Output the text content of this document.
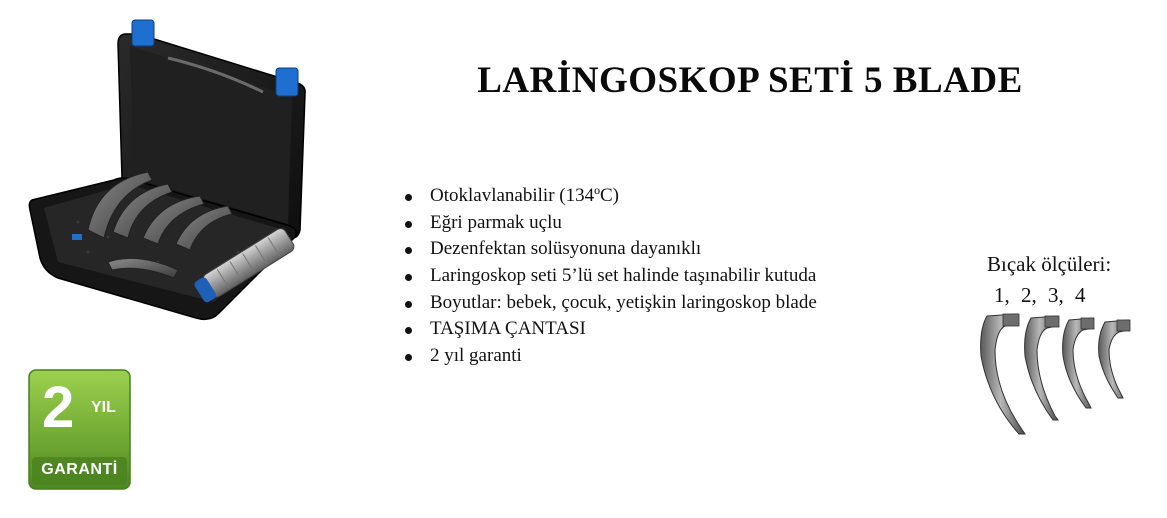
LARİNGOSKOP SETİ 5 BLADE
Otoklavlanabilir (134ºC)
Eğri parmak uçlu
Dezenfektan solüsyonuna dayanıklı
Laringoskop seti 5’lü set halinde taşınabilir kutuda
Boyutlar: bebek, çocuk, yetişkin laringoskop blade
TAŞIMA ÇANTASI
2 yıl garanti
Bıçak ölçüleri:
1, 2, 3, 4
2 YIL
GARANTİ
